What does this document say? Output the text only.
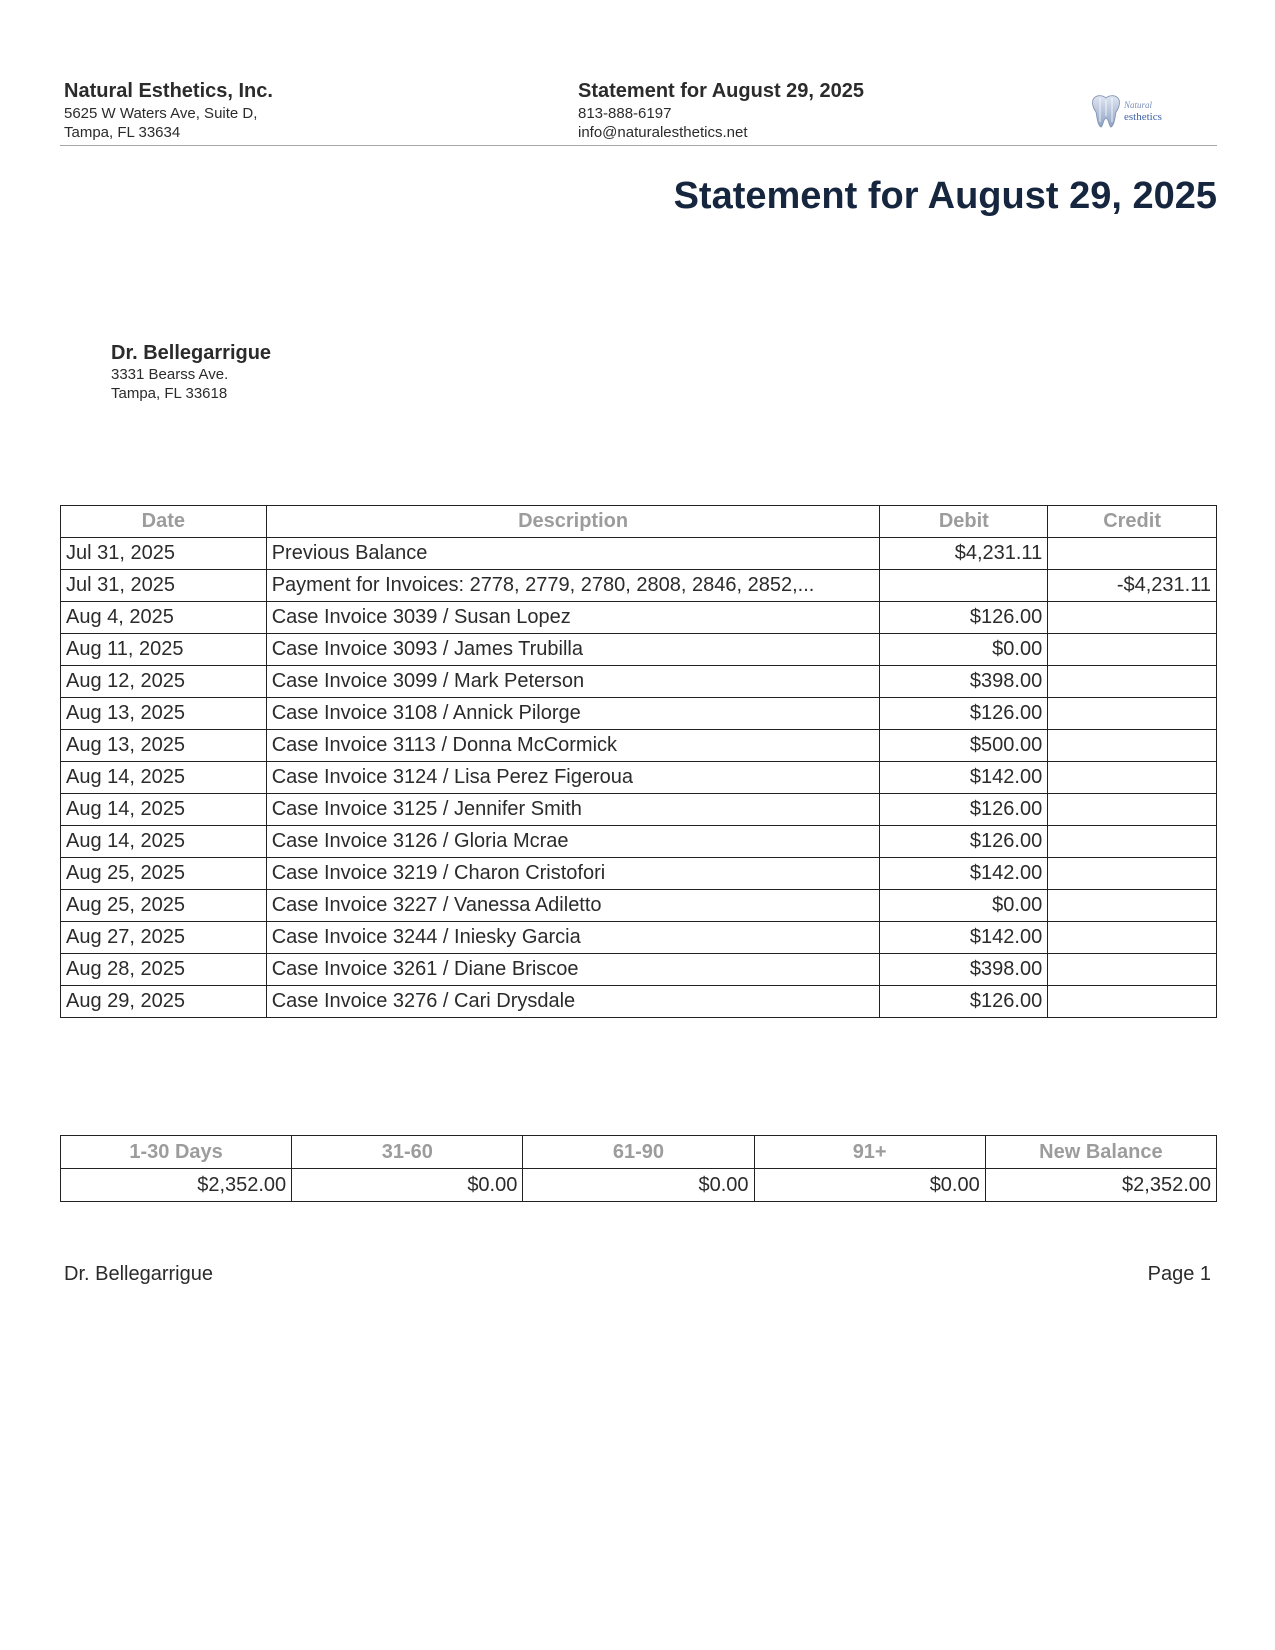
Natural Esthetics, Inc.
5625 W Waters Ave, Suite D,
Tampa, FL 33634
Statement for August 29, 2025
813-888-6197
info@naturalesthetics.net
Natural
esthetics
Statement for August 29, 2025
Dr. Bellegarrigue
3331 Bearss Ave.
Tampa, FL 33618
Date	Description	Debit	Credit
Jul 31, 2025	Previous Balance	$4,231.11	
Jul 31, 2025	Payment for Invoices: 2778, 2779, 2780, 2808, 2846, 2852,...		-$4,231.11
Aug 4, 2025	Case Invoice 3039 / Susan Lopez	$126.00	
Aug 11, 2025	Case Invoice 3093 / James Trubilla	$0.00	
Aug 12, 2025	Case Invoice 3099 / Mark Peterson	$398.00	
Aug 13, 2025	Case Invoice 3108 / Annick Pilorge	$126.00	
Aug 13, 2025	Case Invoice 3113 / Donna McCormick	$500.00	
Aug 14, 2025	Case Invoice 3124 / Lisa Perez Figeroua	$142.00	
Aug 14, 2025	Case Invoice 3125 / Jennifer Smith	$126.00	
Aug 14, 2025	Case Invoice 3126 / Gloria Mcrae	$126.00	
Aug 25, 2025	Case Invoice 3219 / Charon Cristofori	$142.00	
Aug 25, 2025	Case Invoice 3227 / Vanessa Adiletto	$0.00	
Aug 27, 2025	Case Invoice 3244 / Iniesky Garcia	$142.00	
Aug 28, 2025	Case Invoice 3261 / Diane Briscoe	$398.00	
Aug 29, 2025	Case Invoice 3276 / Cari Drysdale	$126.00	
1-30 Days	31-60	61-90	91+	New Balance
$2,352.00	$0.00	$0.00	$0.00	$2,352.00
Dr. Bellegarrigue	Page 1
